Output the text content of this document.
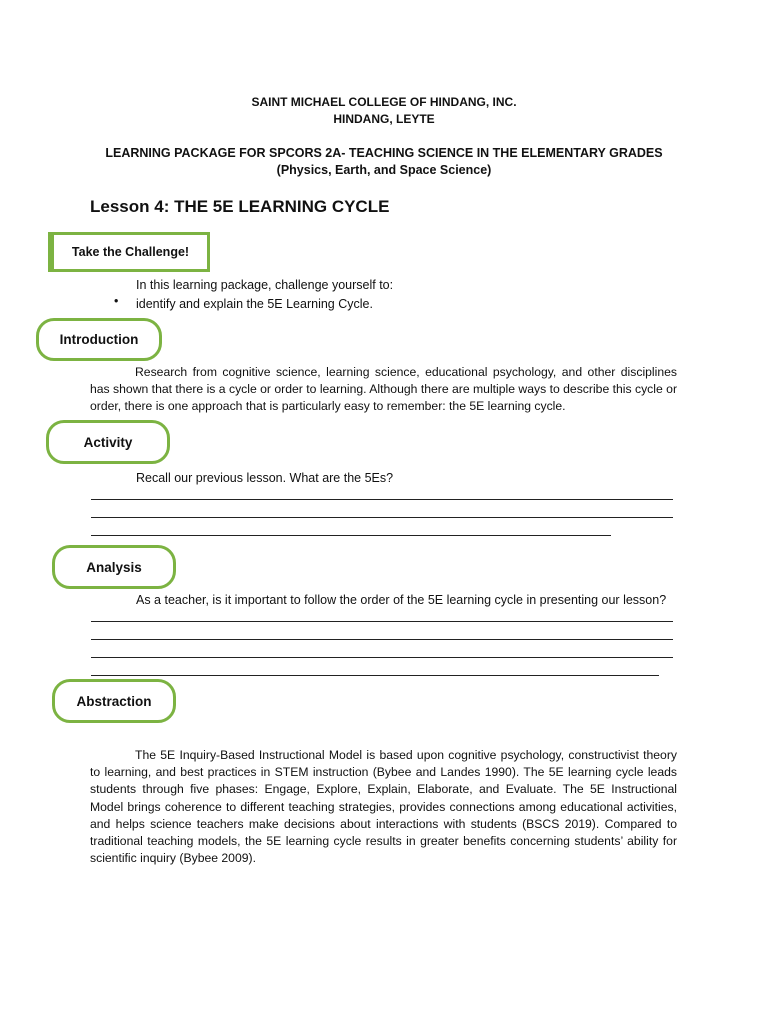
SAINT MICHAEL COLLEGE OF HINDANG, INC.
HINDANG, LEYTE
LEARNING PACKAGE FOR SPCORS 2A- TEACHING SCIENCE IN THE ELEMENTARY GRADES
(Physics, Earth, and Space Science)
Lesson 4: THE 5E LEARNING CYCLE
Take the Challenge!
In this learning package, challenge yourself to:
• identify and explain the 5E Learning Cycle.
Introduction
Research from cognitive science, learning science, educational psychology, and other disciplines has shown that there is a cycle or order to learning. Although there are multiple ways to describe this cycle or order, there is one approach that is particularly easy to remember: the 5E learning cycle.
Activity
Recall our previous lesson. What are the 5Es?
Analysis
As a teacher, is it important to follow the order of the 5E learning cycle in presenting our lesson?
Abstraction
The 5E Inquiry-Based Instructional Model is based upon cognitive psychology, constructivist theory to learning, and best practices in STEM instruction (Bybee and Landes 1990). The 5E learning cycle leads students through five phases: Engage, Explore, Explain, Elaborate, and Evaluate. The 5E Instructional Model brings coherence to different teaching strategies, provides connections among educational activities, and helps science teachers make decisions about interactions with students (BSCS 2019). Compared to traditional teaching models, the 5E learning cycle results in greater benefits concerning students’ ability for scientific inquiry (Bybee 2009).
